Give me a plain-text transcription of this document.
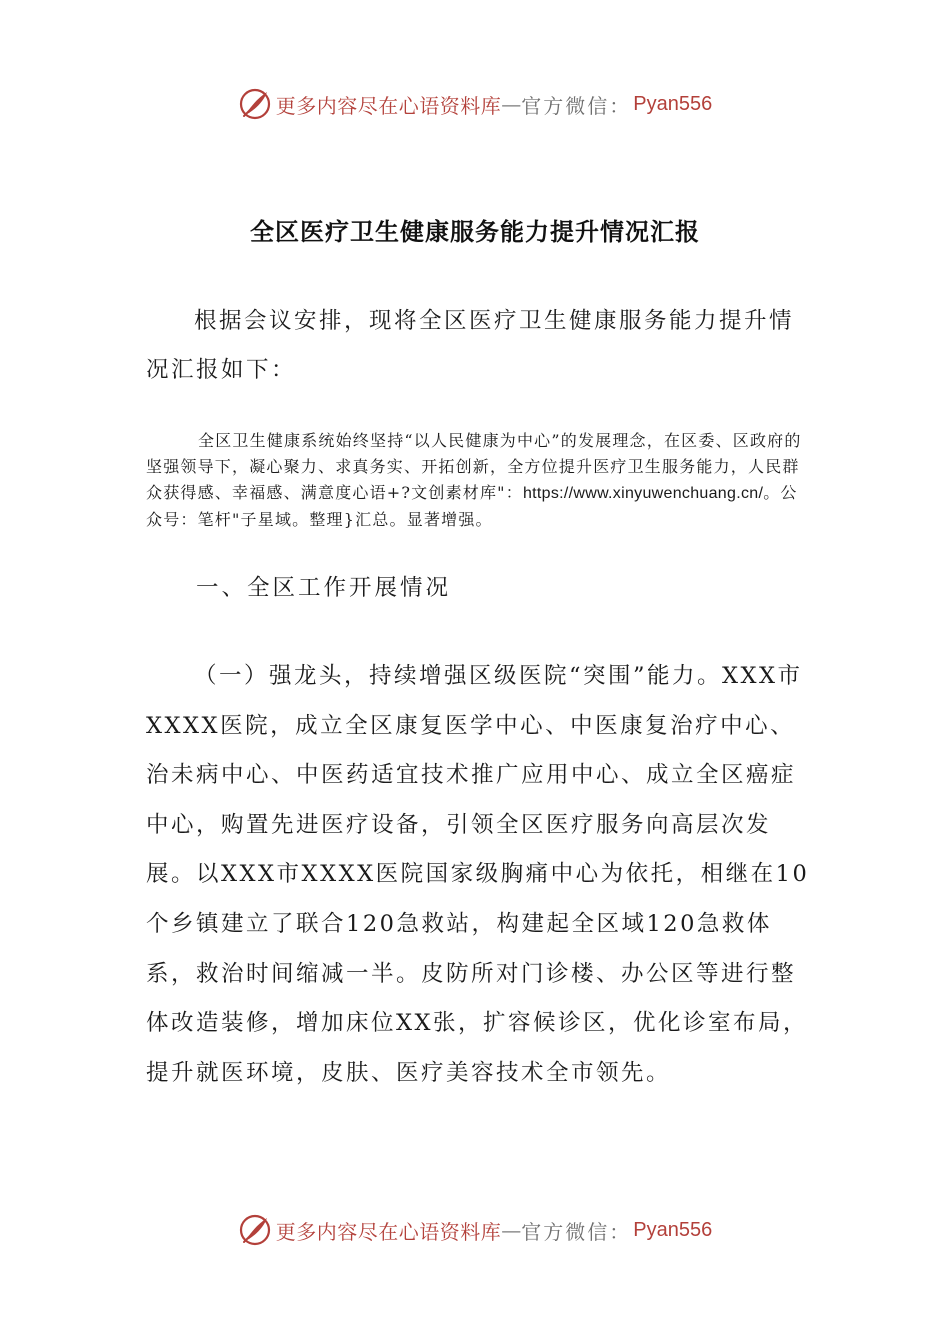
更多内容尽在心语资料库 — 官方微信： Pyan556
全区医疗卫生健康服务能力提升情况汇报

根据会议安排，现将全区医疗卫生健康服务能力提升情况汇报如下：

全区卫生健康系统始终坚持“以人民健康为中心”的发展理念，在区委、区政府的坚强领导下，凝心聚力、求真务实、开拓创新，全方位提升医疗卫生服务能力，人民群众获得感、幸福感、满意度心语+?文创素材库"：https://www.xinyuwenchuang.cn/。公众号：笔杆"子星域。整理}汇总。显著增强。

一、全区工作开展情况

（一）强龙头，持续增强区级医院“突围”能力。XXX市XXXX医院，成立全区康复医学中心、中医康复治疗中心、治未病中心、中医药适宜技术推广应用中心、成立全区癌症中心，购置先进医疗设备，引领全区医疗服务向高层次发展。以XXX市XXXX医院国家级胸痛中心为依托，相继在10个乡镇建立了联合120急救站，构建起全区域120急救体系，救治时间缩减一半。皮防所对门诊楼、办公区等进行整体改造装修，增加床位XX张，扩容候诊区，优化诊室布局，提升就医环境，皮肤、医疗美容技术全市领先。

更多内容尽在心语资料库 — 官方微信： Pyan556
